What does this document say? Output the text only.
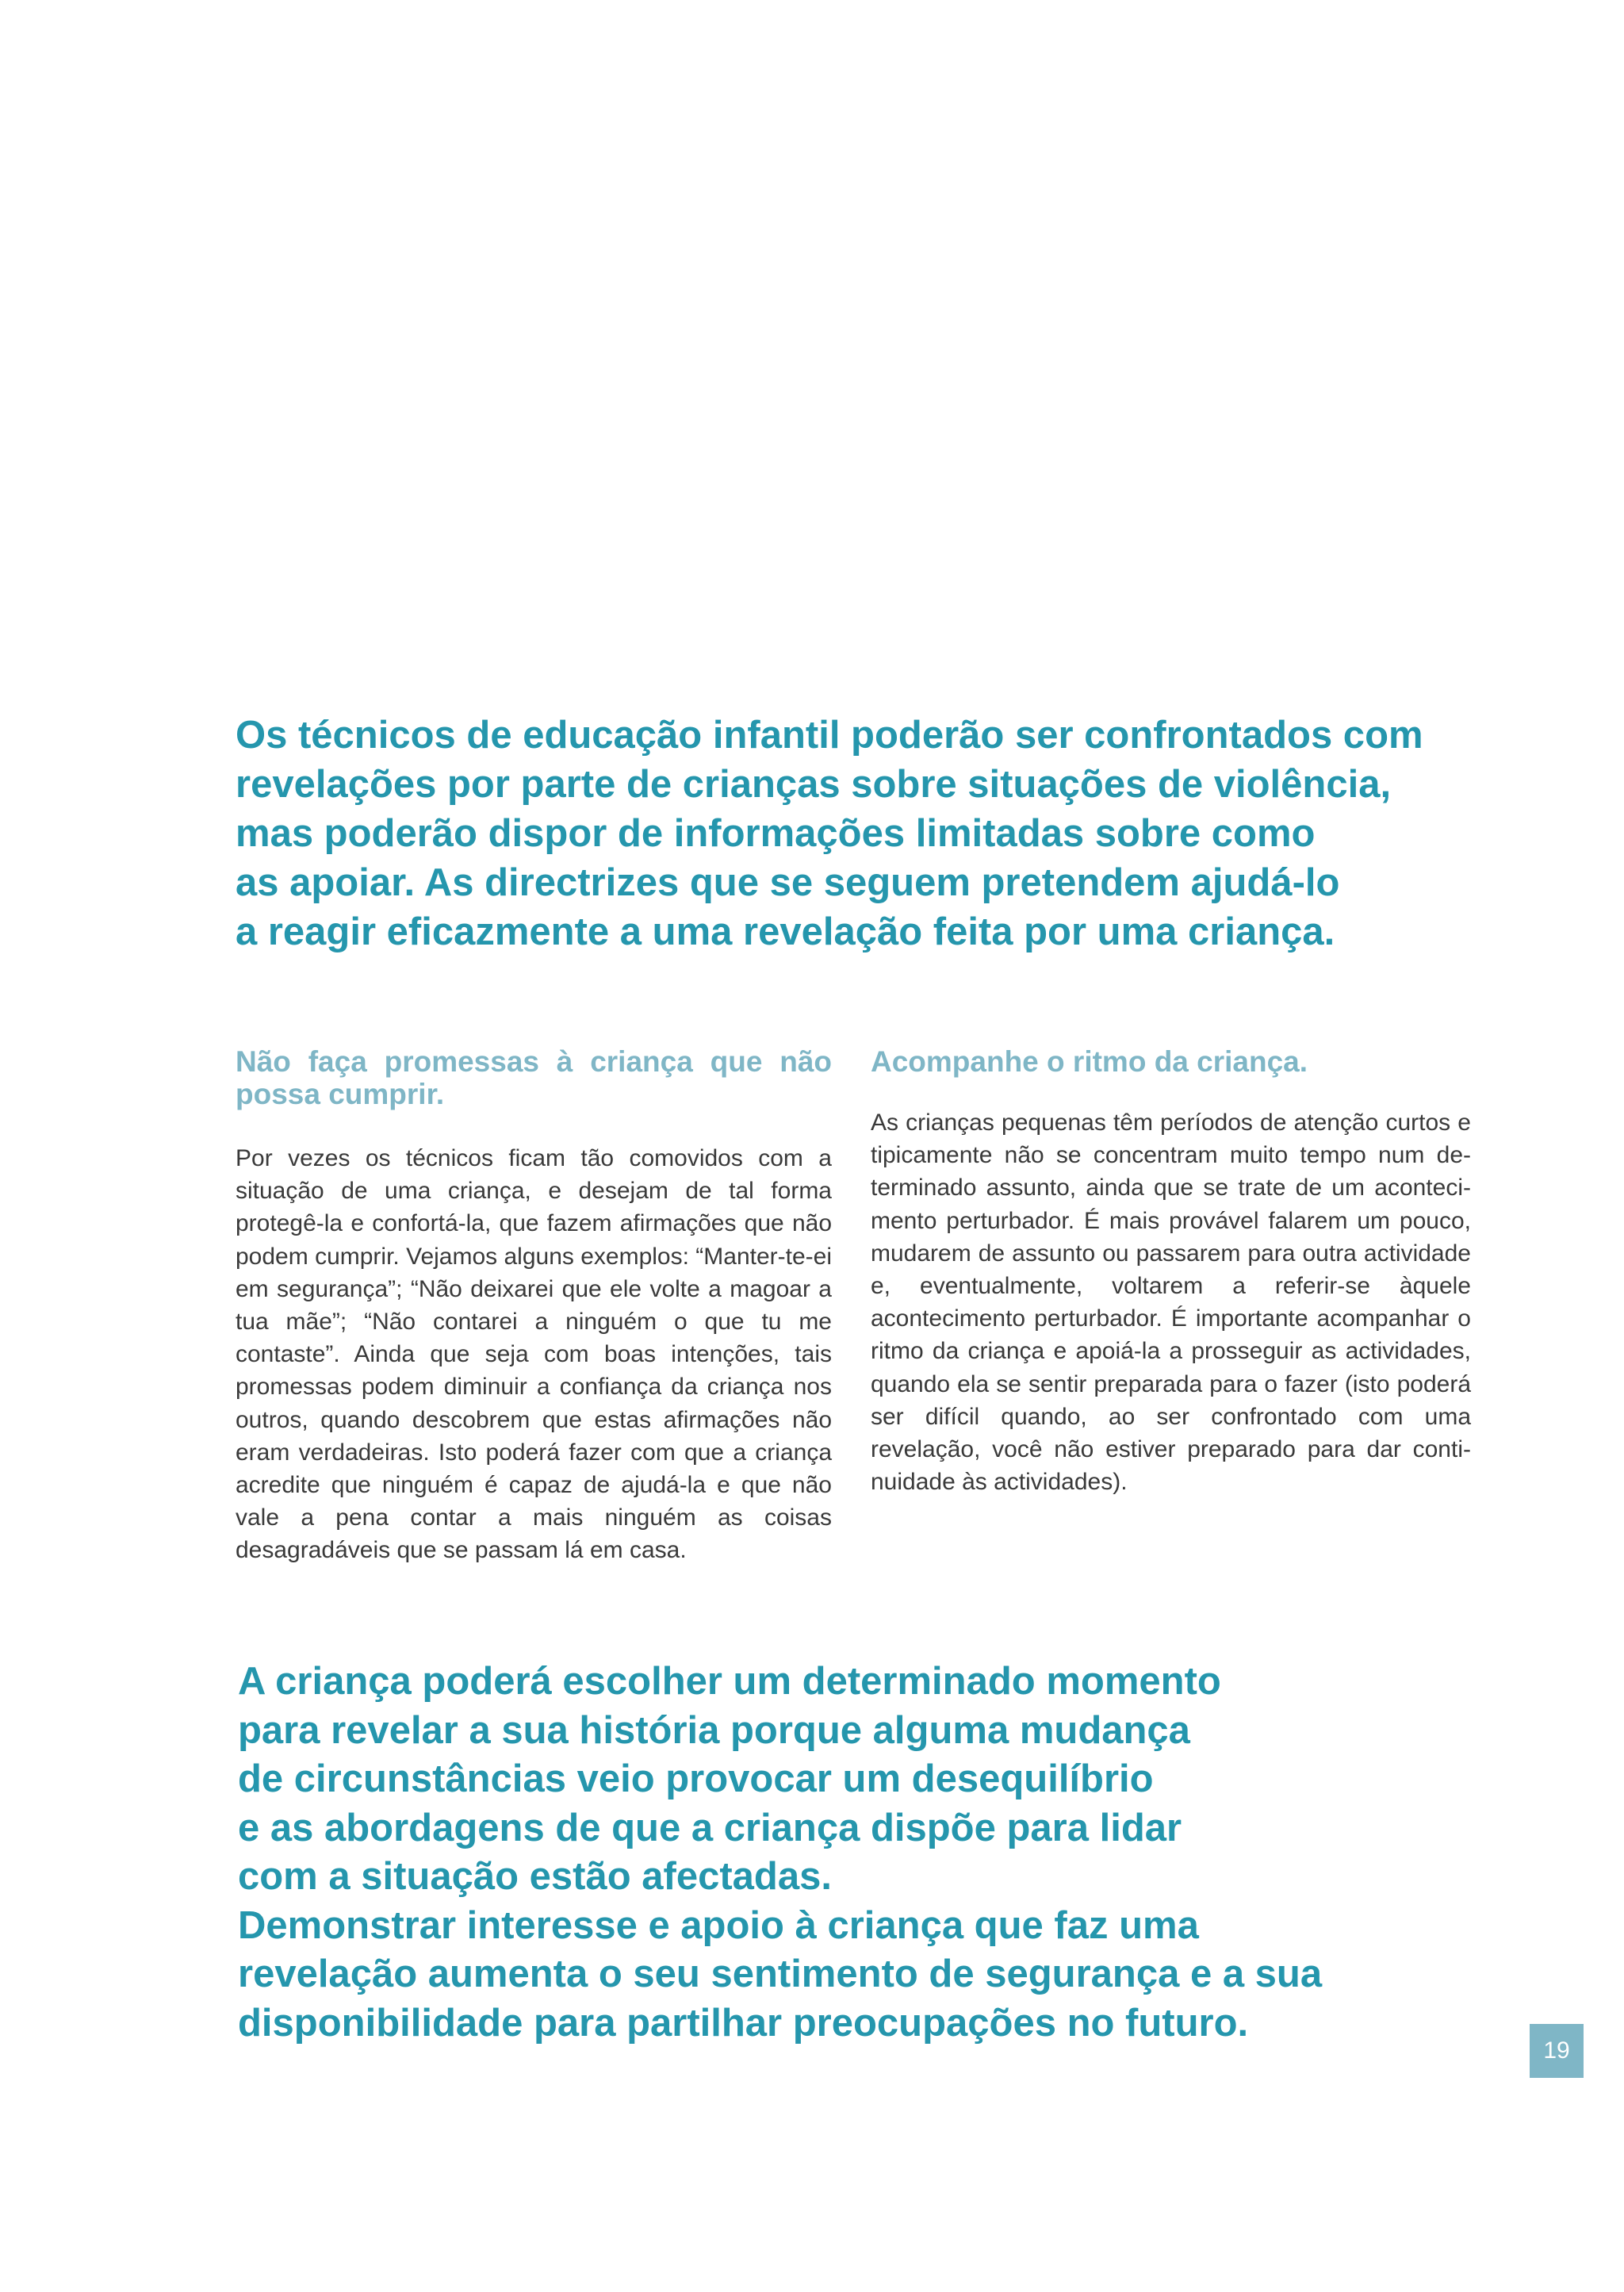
Os técnicos de educação infantil poderão ser confrontados com
revelações por parte de crianças sobre situações de violência,
mas poderão dispor de informações limitadas sobre como
as apoiar. As directrizes que se seguem pretendem ajudá-lo
a reagir eficazmente a uma revelação feita por uma criança.
Não faça promessas à criança que não possa cumprir.

Por vezes os técnicos ficam tão comovidos com a situação de uma criança, e desejam de tal forma protegê-la e confortá-la, que fazem afirmações que não podem cumprir. Vejamos alguns exemplos: “Manter-te-ei em segurança”; “Não deixarei que ele volte a magoar a tua mãe”; “Não contarei a ninguém o que tu me contaste”. Ainda que seja com boas intenções, tais promessas podem diminuir a confiança da criança nos outros, quando descobrem que estas afirmações não eram verdadeiras. Isto poderá fazer com que a criança acredite que ninguém é capaz de ajudá-la e que não vale a pena contar a mais ninguém as coisas desagradáveis que se passam lá em casa.

Acompanhe o ritmo da criança.

As crianças pequenas têm períodos de atenção curtos e tipicamente não se concentram muito tempo num determinado assunto, ainda que se trate de um acontecimento perturbador. É mais provável falarem um pouco, mudarem de assunto ou passarem para outra actividade e, eventualmente, voltarem a referir-se àquele acontecimento perturbador. É importante acompanhar o ritmo da criança e apoiá-la a prosseguir as actividades, quando ela se sentir preparada para o fazer (isto poderá ser difícil quando, ao ser confrontado com uma revelação, você não estiver preparado para dar continuidade às actividades).

A criança poderá escolher um determinado momento
para revelar a sua história porque alguma mudança
de circunstâncias veio provocar um desequilíbrio
e as abordagens de que a criança dispõe para lidar
com a situação estão afectadas.
Demonstrar interesse e apoio à criança que faz uma
revelação aumenta o seu sentimento de segurança e a sua
disponibilidade para partilhar preocupações no futuro.
19
